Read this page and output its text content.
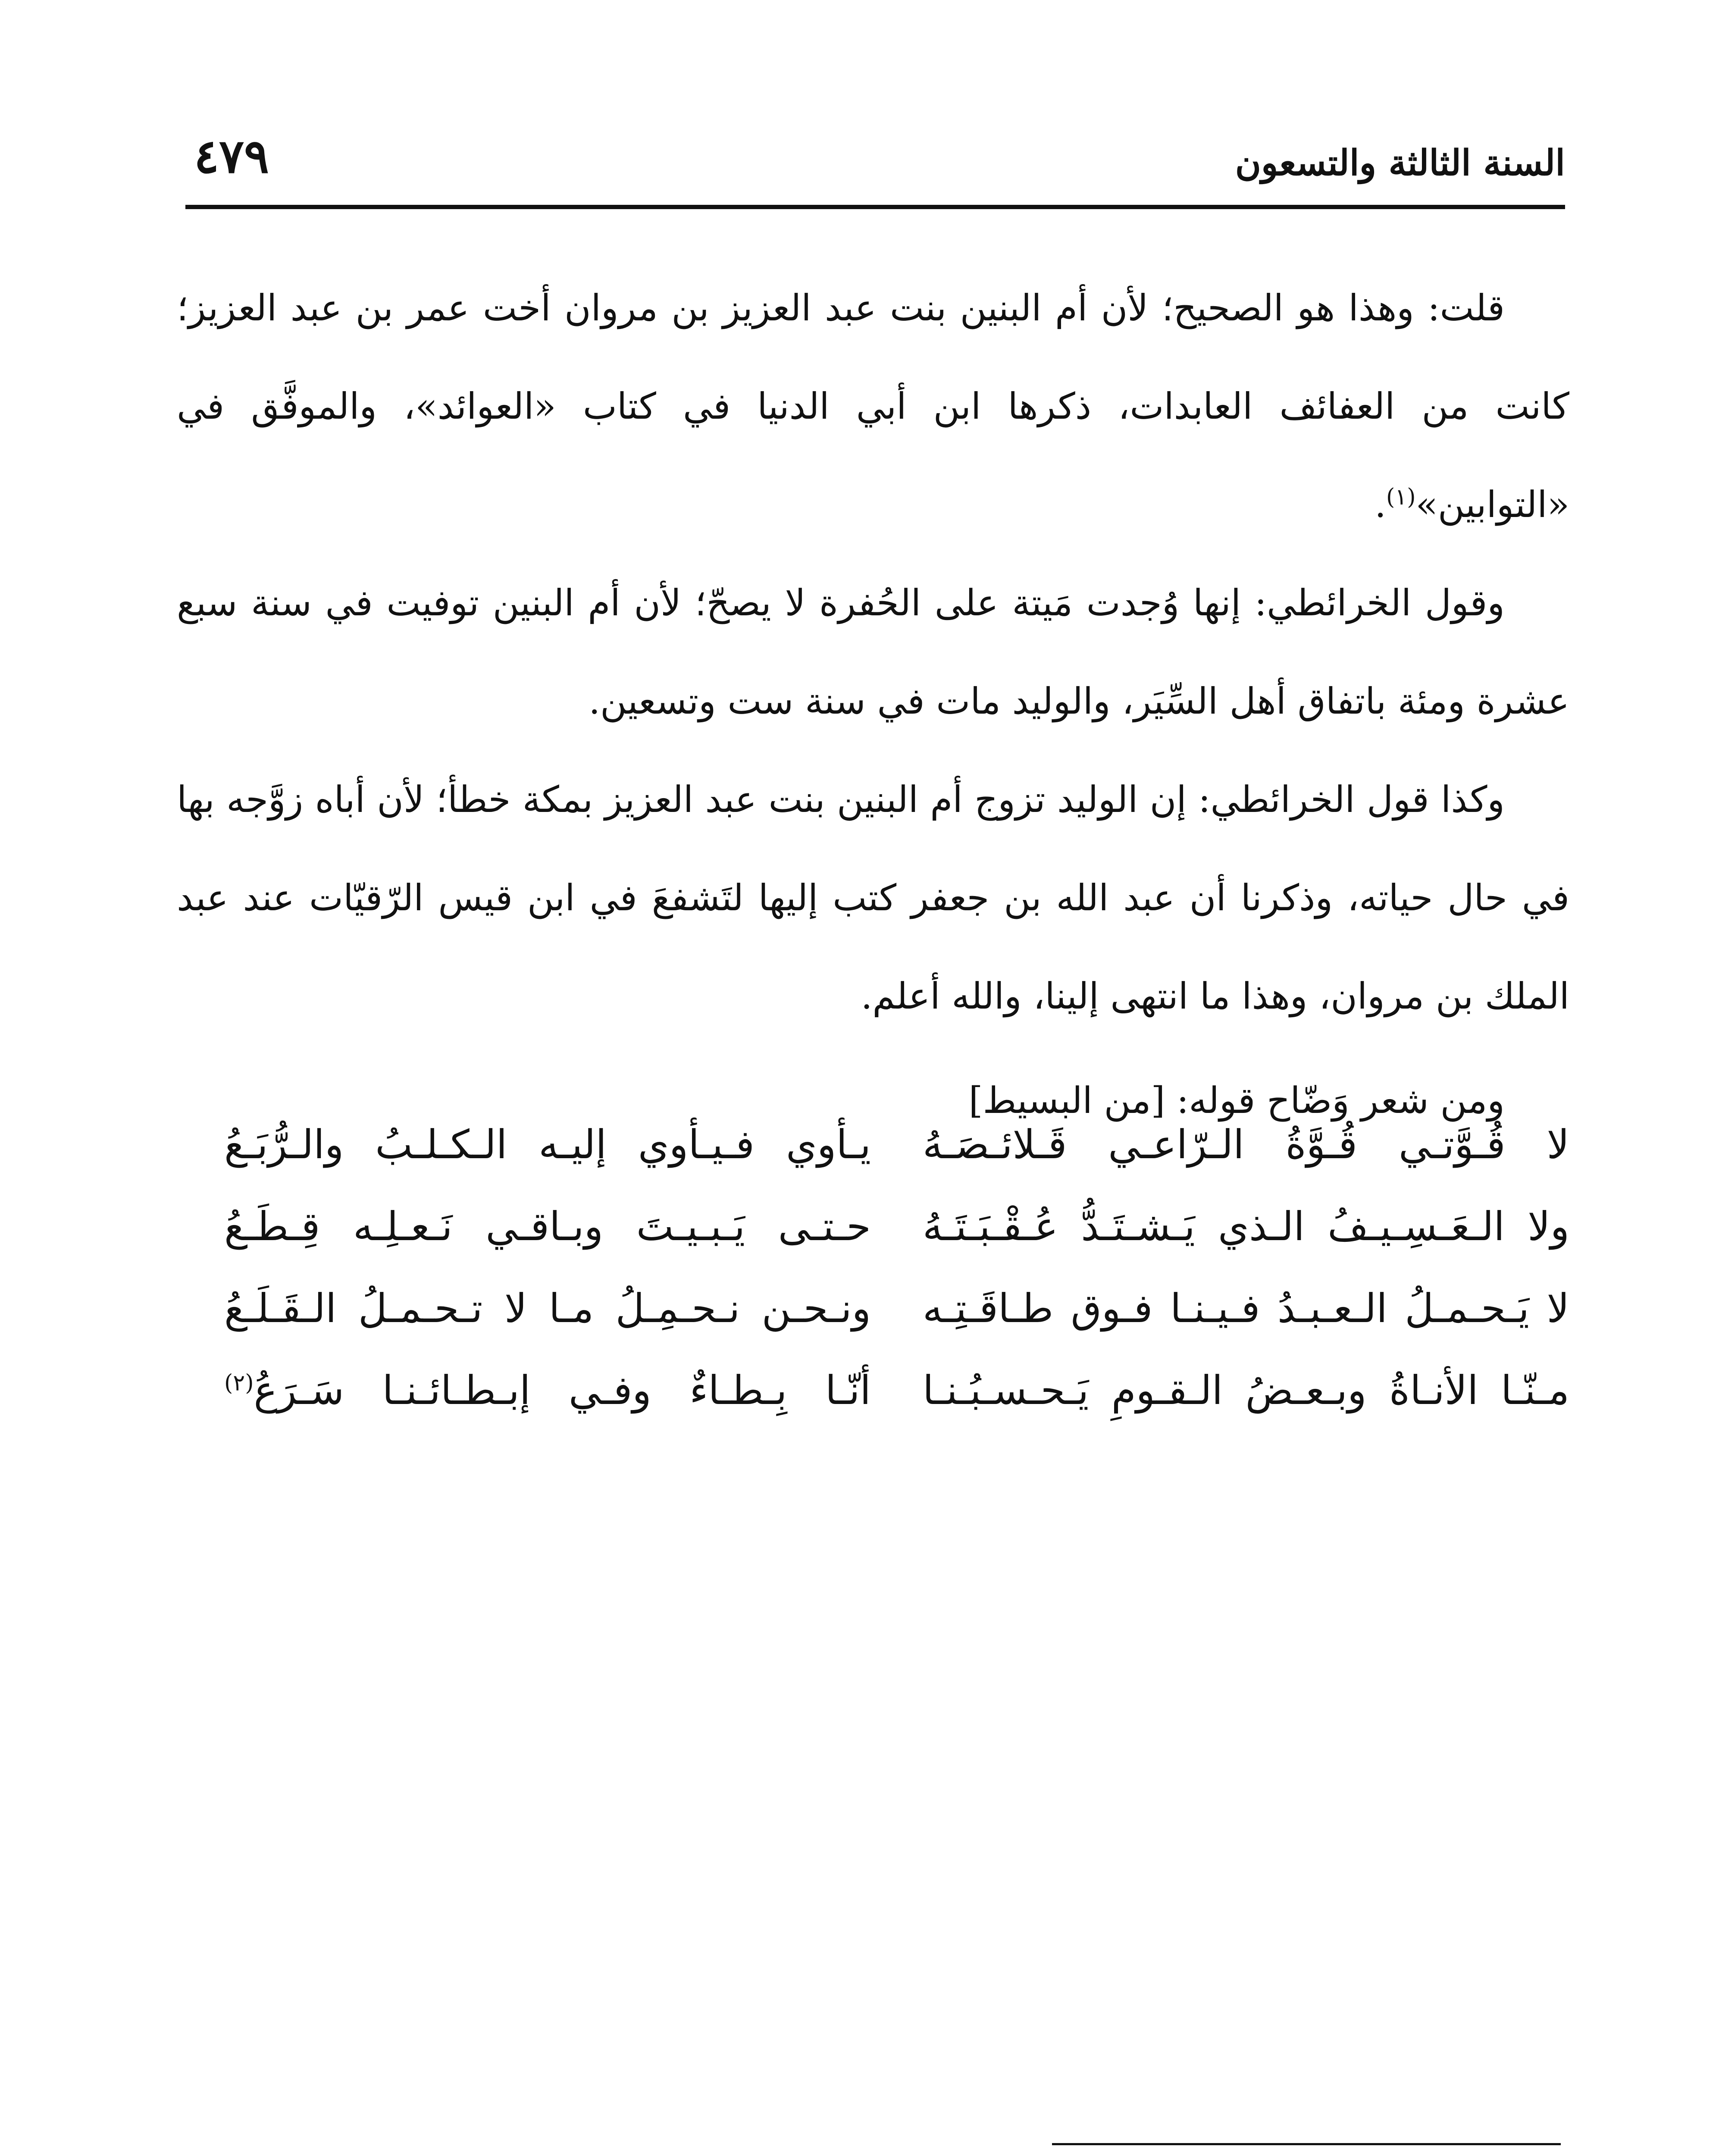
السنة الثالثة والتسعون
٤٧٩

قلت: وهذا هو الصحيح؛ لأن أم البنين بنت عبد العزيز بن مروان أخت عمر بن عبد العزيز؛ كانت من العفائف العابدات، ذكرها ابن أبي الدنيا في كتاب «العوائد»، والموفَّق في «التوابين»$^{(١)}$.

وقول الخرائطي: إنها وُجدت مَيتة على الحُفرة لا يصحّ؛ لأن أم البنين توفيت في سنة سبع عشرة ومئة باتفاق أهل السِّيَر، والوليد مات في سنة ست وتسعين.

وكذا قول الخرائطي: إن الوليد تزوج أم البنين بنت عبد العزيز بمكة خطأ؛ لأن أباه زوَّجه بها في حال حياته، وذكرنا أن عبد الله بن جعفر كتب إليها لتَشفعَ في ابن قيس الرّقيّات عند عبد الملك بن مروان، وهذا ما انتهى إلينا، والله أعلم.

ومن شعر وَضّاح قوله: [من البسيط]

لا قُـوَّتـي قُـوَّةُ الـرّاعـي قَـلائـصَـهُ
يـأوي فـيـأوي إليـه الـكـلـبُ والـرُّبَـعُ
ولا الـعَـسِـيـفُ الـذي يَـشـتَـدُّ عُـقْـبَـتَـهُ
حـتـى يَـبـيـتَ وبـاقـي نَـعـلِـه قِـطَـعُ
لا يَـحـمـلُ الـعـبـدُ فـيـنـا فـوق طـاقَـتِـه
ونـحـن نـحـمِـلُ مـا لا تـحـمـلُ الـقَـلَـعُ
مـنّـا الأنـاةُ وبـعـضُ الـقـومِ يَـحـسـبُـنـا
أنّـا بِـطـاءٌ وفـي إبـطـائـنـا سَـرَعُ$^{(٢)}$
